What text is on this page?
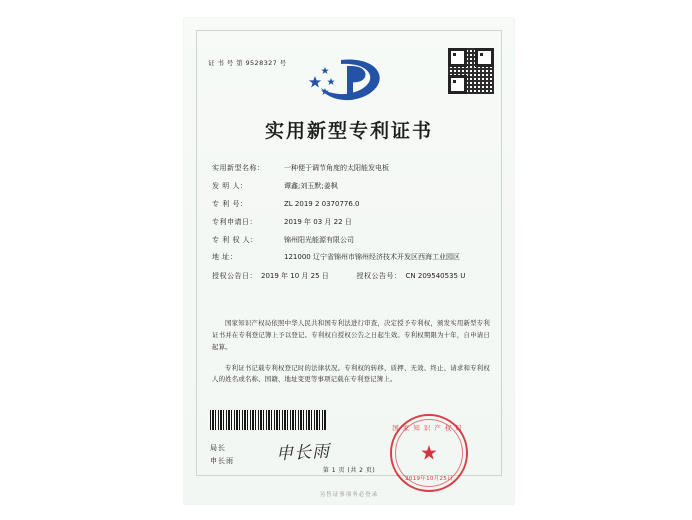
证 书 号 第 9528327 号
实用新型专利证书
实用新型名称：	一种便于调节角度的太阳能发电板
发 明 人：	谭鑫;刘玉默;姜枫
专 利 号：	ZL 2019 2 0370776.0
专利申请日：	2019 年 03 月 22 日
专 利 权 人：	锦州阳光能源有限公司
地 址：	121000 辽宁省锦州市锦州经济技术开发区西海工业园区
授权公告日： 2019 年 10 月 25 日	授权公告号： CN 209540535 U

国家知识产权局依照中华人民共和国专利法进行审查，决定授予专利权，颁发实用新型专利证书并在专利登记簿上予以登记。专利权自授权公告之日起生效。专利权期限为十年，自申请日起算。

专利证书记载专利权登记时的法律状况。专利权的转移、质押、无效、终止、请求和专利权人的姓名或名称、国籍、地址变更等事项记载在专利登记簿上。

局长
申长雨 申长雨
国家知识产权局
★
2019年10月25日
第 1 页 (共 2 页)
另售证事项务必登录
